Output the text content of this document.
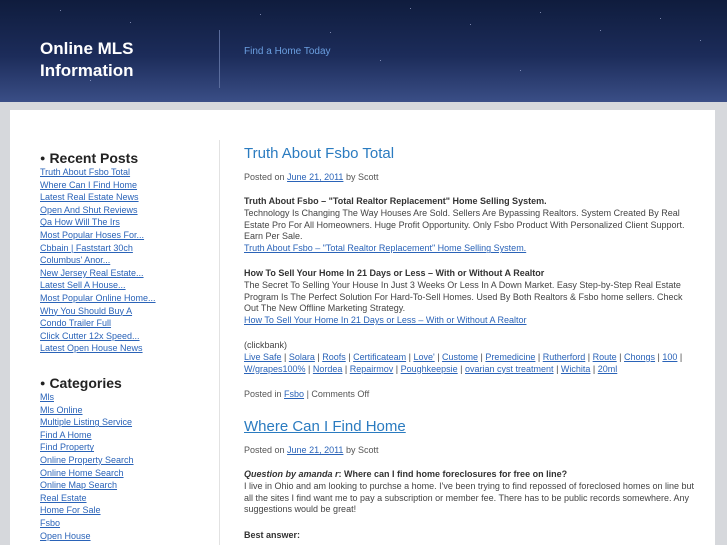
Online MLS Information
Find a Home Today
● Recent Posts
Truth About Fsbo Total
Where Can I Find Home
Latest Real Estate News
Open And Shut Reviews
Qa How Will The Irs
Most Popular Hoses For...
Cbbain | Faststart 30ch
Columbus' Anor...
New Jersey Real Estate...
Latest Sell A House...
Most Popular Online Home...
Why You Should Buy A
Condo Trailer Full
Click Cutter 12x Speed...
Latest Open House News
● Categories
Mls
Mls Online
Multiple Listing Service
Find A Home
Find Property
Online Property Search
Online Home Search
Online Map Search
Real Estate
Home For Sale
Fsbo
Open House
Truth About Fsbo Total
Posted on June 21, 2011 by Scott
Truth About Fsbo – "Total Realtor Replacement" Home Selling System.
Technology Is Changing The Way Houses Are Sold. Sellers Are Bypassing Realtors. System Created By Real Estate Pro For All Homeowners. Huge Profit Opportunity. Only Fsbo Product With Personalized Client Support. Earn Per Sale.
Truth About Fsbo – "Total Realtor Replacement" Home Selling System.
How To Sell Your Home In 21 Days or Less – With or Without A Realtor
The Secret To Selling Your House In Just 3 Weeks Or Less In A Down Market. Easy Step-by-Step Real Estate Program Is The Perfect Solution For Hard-To-Sell Homes. Used By Both Realtors & Fsbo home sellers. Check Out The New Offline Marketing Strategy.
How To Sell Your Home In 21 Days or Less – With or Without A Realtor
(clickbank)
Live Safe | Solara | Roofs | Certificateam | Love' | Custome | Premedicine | Rutherford | Route | Chongs | 100 | W/grapes100% | Nordea | Repairmov | Poughkeepsie | ovarian cyst treatment | Wichita | 20ml
Posted in Fsbo | Comments Off
Where Can I Find Home
Posted on June 21, 2011 by Scott
Question by amanda r: Where can I find home foreclosures for free on line?
I live in Ohio and am looking to purchse a home. I've been trying to find repossed of foreclosed homes on line but all the sites I find want me to pay a subscription or member fee. There has to be public records somewhere. Any suggestions would be great!
Best answer:
